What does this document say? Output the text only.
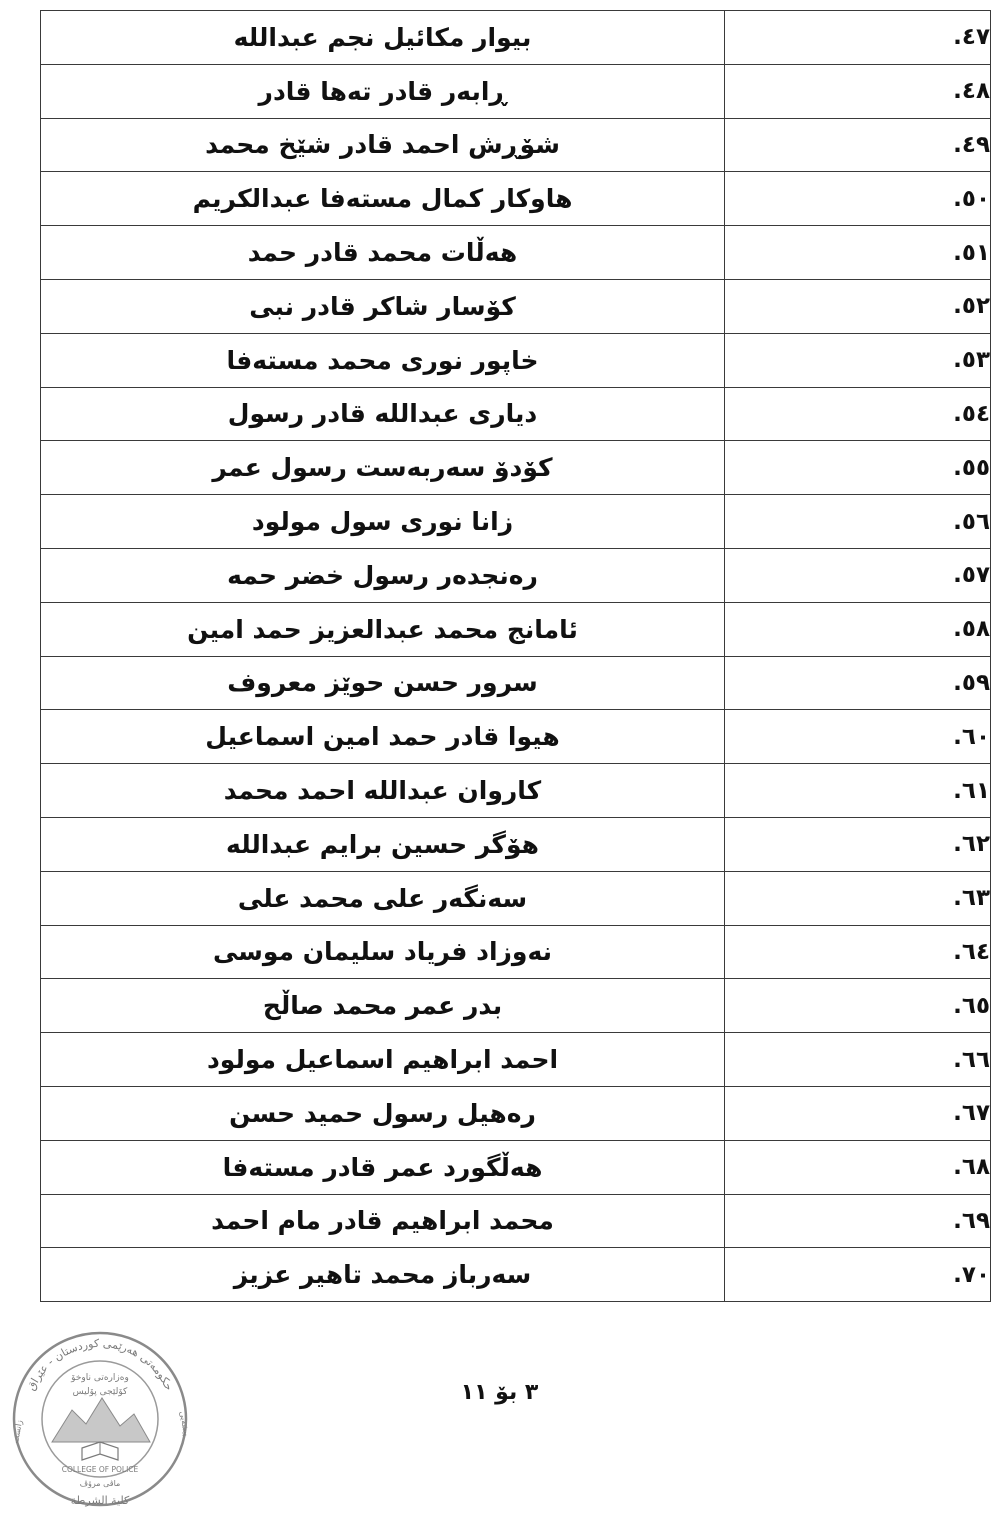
بیوار مکائیل نجم عبدالله	.٤٧
ڕابەر قادر تەها قادر	.٤٨
شۆڕش احمد قادر شێخ محمد	.٤٩
هاوکار کمال مستەفا عبدالکریم	.٥٠
هەڵات محمد قادر حمد	.٥١
کۆسار شاکر قادر نبی	.٥٢
خاپور نوری محمد مستەفا	.٥٣
دیاری عبدالله قادر رسول	.٥٤
کۆدۆ سەربەست رسول عمر	.٥٥
زانا نوری سول مولود	.٥٦
رەنجدەر رسول خضر حمه	.٥٧
ئامانج محمد عبدالعزیز حمد امین	.٥٨
سرور حسن حوێز معروف	.٥٩
هیوا قادر حمد امین اسماعیل	.٦٠
کاروان عبدالله احمد محمد	.٦١
هۆگر حسین برایم عبدالله	.٦٢
سەنگەر علی محمد علی	.٦٣
نەوزاد فریاد سلیمان موسی	.٦٤
بدر عمر محمد صاڵح	.٦٥
احمد ابراهیم اسماعیل مولود	.٦٦
رەهیل رسول حمید حسن	.٦٧
هەڵگورد عمر قادر مستەفا	.٦٨
محمد ابراهیم قادر مام احمد	.٦٩
سەرباز محمد تاهیر عزیز	.٧٠
٣ بۆ ١١
حكومەتی هەرێمی کوردستان - عێراق
وەزارەتی ناوخۆ
کۆلێجی پۆلیس
COLLEGE OF POLICE
ماڤی مرۆڤ
كلية الشرطة
زانست	پیشەیی
